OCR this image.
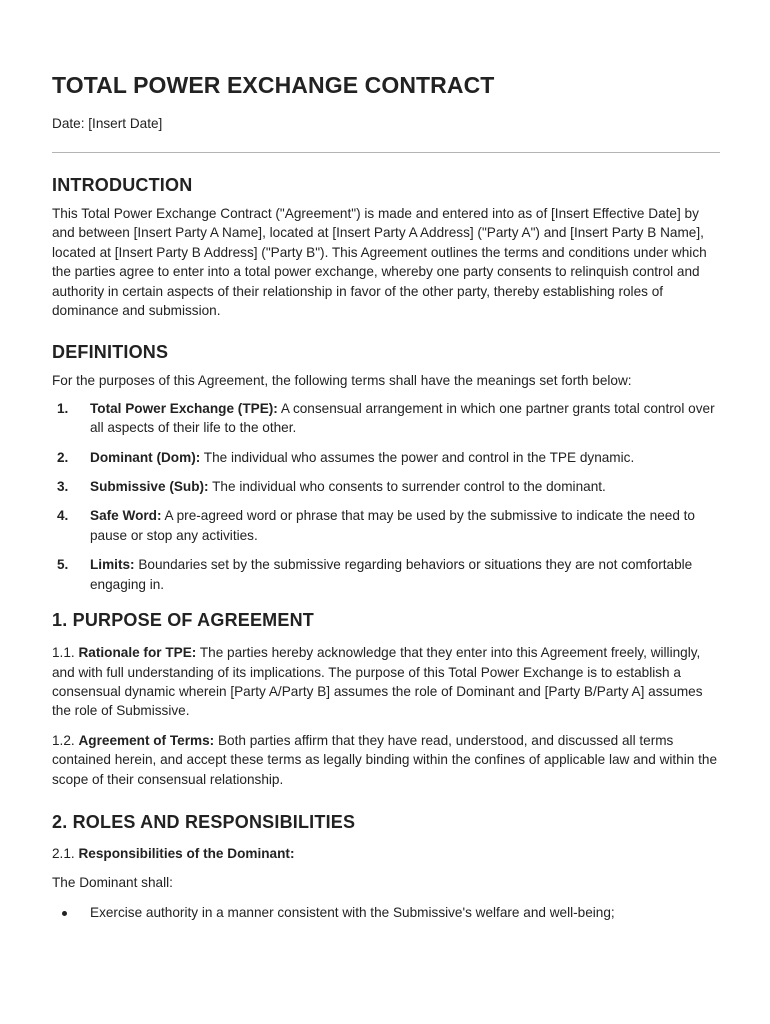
TOTAL POWER EXCHANGE CONTRACT
Date: [Insert Date]
INTRODUCTION

This Total Power Exchange Contract ("Agreement") is made and entered into as of [Insert Effective Date] by and between [Insert Party A Name], located at [Insert Party A Address] ("Party A") and [Insert Party B Name], located at [Insert Party B Address] ("Party B"). This Agreement outlines the terms and conditions under which the parties agree to enter into a total power exchange, whereby one party consents to relinquish control and authority in certain aspects of their relationship in favor of the other party, thereby establishing roles of dominance and submission.

DEFINITIONS

For the purposes of this Agreement, the following terms shall have the meanings set forth below:

1. Total Power Exchange (TPE): A consensual arrangement in which one partner grants total control over all aspects of their life to the other.
2. Dominant (Dom): The individual who assumes the power and control in the TPE dynamic.
3. Submissive (Sub): The individual who consents to surrender control to the dominant.
4. Safe Word: A pre-agreed word or phrase that may be used by the submissive to indicate the need to pause or stop any activities.
5. Limits: Boundaries set by the submissive regarding behaviors or situations they are not comfortable engaging in.
1. PURPOSE OF AGREEMENT

1.1. Rationale for TPE: The parties hereby acknowledge that they enter into this Agreement freely, willingly, and with full understanding of its implications. The purpose of this Total Power Exchange is to establish a consensual dynamic wherein [Party A/Party B] assumes the role of Dominant and [Party B/Party A] assumes the role of Submissive.

1.2. Agreement of Terms: Both parties affirm that they have read, understood, and discussed all terms contained herein, and accept these terms as legally binding within the confines of applicable law and within the scope of their consensual relationship.

2. ROLES AND RESPONSIBILITIES

2.1. Responsibilities of the Dominant:

The Dominant shall:

Exercise authority in a manner consistent with the Submissive's welfare and well-being;
